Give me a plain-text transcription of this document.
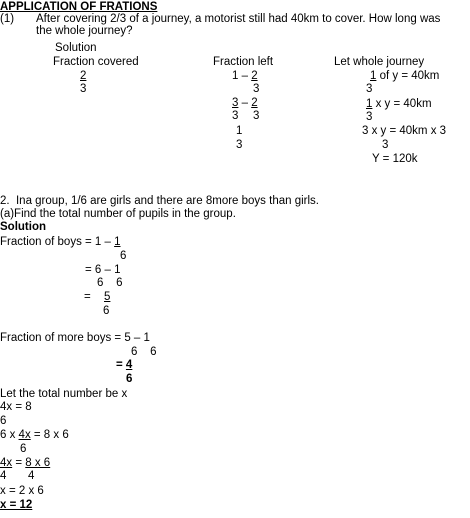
APPLICATION OF FRATIONS
(1) After covering 2/3 of a journey, a motorist still had 40km to cover. How long was
the whole journey?
Solution
Fraction covered	Fraction left	Let whole journey
2
3
1 – 2
3
3 – 2
3 3
1
3
1 of y = 40km
3
1 x y = 40km
3
3 x y = 40km x 3
3
Y = 120k
2.  Ina group, 1/6 are girls and there are 8more boys than girls.
(a)Find the total number of pupils in the group.
Solution
Fraction of boys = 1 – 1
6
= 6 – 1
6    6
= 5
6
Fraction of more boys = 5 – 1
6    6
= 4
6
Let the total number be x
4x = 8
6
6 x 4x = 8 x 6
6
4x = 8 x 6
4 4
x = 2 x 6
x = 12
